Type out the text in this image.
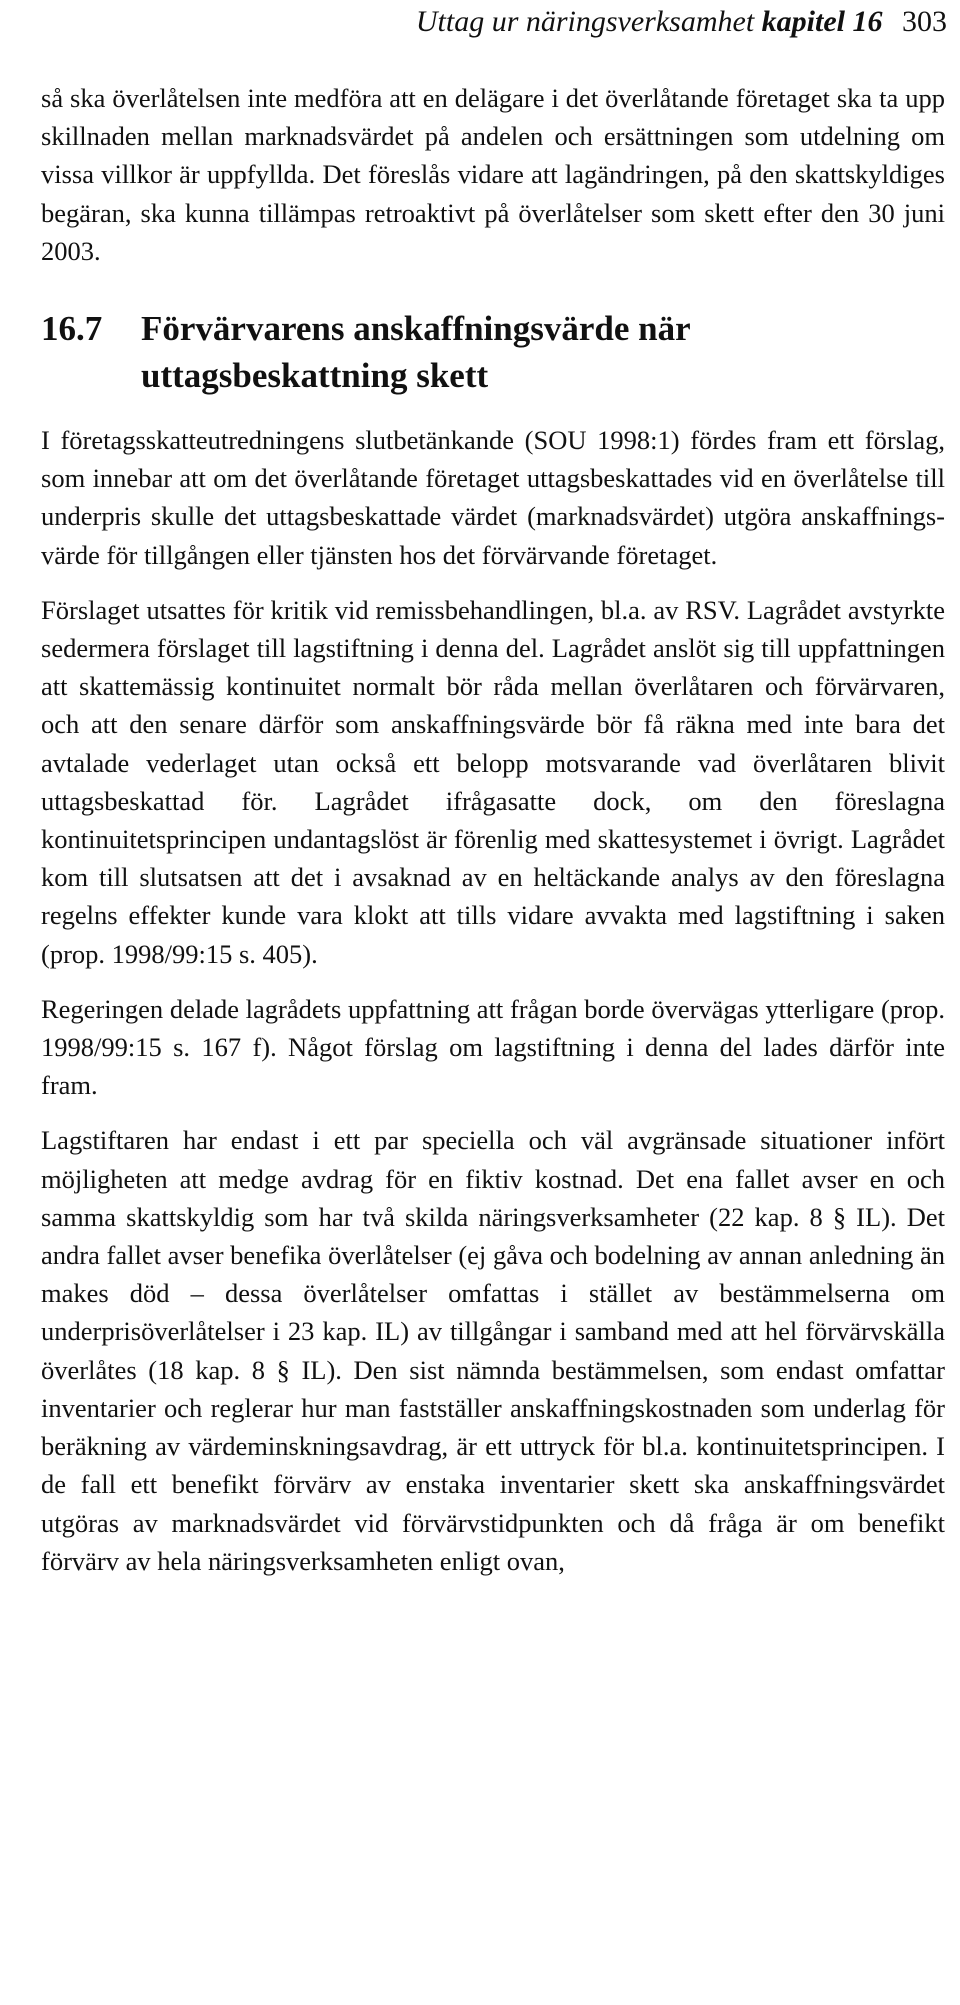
Uttag ur näringsverksamhet kapitel 16 303

så ska överlåtelsen inte medföra att en delägare i det överlåtande företaget ska ta upp skillnaden mellan marknadsvärdet på andelen och ersättningen som utdelning om vissa villkor är uppfyllda. Det föreslås vidare att lagändringen, på den skattskyldiges begäran, ska kunna tillämpas retroaktivt på överlåtelser som skett efter den 30 juni 2003.

16.7	Förvärvarens anskaffningsvärde när uttagsbeskattning skett

I företagsskatteutredningens slutbetänkande (SOU 1998:1) fördes fram ett förslag, som innebar att om det överlåtande företaget uttagsbeskattades vid en överlåtelse till underpris skulle det uttagsbeskattade värdet (marknadsvärdet) utgöra anskaffningsvärde för tillgången eller tjänsten hos det förvärvande företaget.

Förslaget utsattes för kritik vid remissbehandlingen, bl.a. av RSV. Lagrådet avstyrkte sedermera förslaget till lagstiftning i denna del. Lagrådet anslöt sig till uppfattningen att skattemässig kontinuitet normalt bör råda mellan överlåtaren och förvärvaren, och att den senare därför som anskaffningsvärde bör få räkna med inte bara det avtalade vederlaget utan också ett belopp motsvarande vad överlåtaren blivit uttagsbeskattad för. Lagrådet ifrågasatte dock, om den föreslagna kontinuitetsprincipen undantagslöst är förenlig med skattesystemet i övrigt. Lagrådet kom till slutsatsen att det i avsaknad av en heltäckande analys av den föreslagna regelns effekter kunde vara klokt att tills vidare avvakta med lagstiftning i saken (prop. 1998/99:15 s. 405).

Regeringen delade lagrådets uppfattning att frågan borde övervägas ytterligare (prop. 1998/99:15 s. 167 f). Något förslag om lagstiftning i denna del lades därför inte fram.

Lagstiftaren har endast i ett par speciella och väl avgränsade situationer infört möjligheten att medge avdrag för en fiktiv kostnad. Det ena fallet avser en och samma skattskyldig som har två skilda näringsverksamheter (22 kap. 8 § IL). Det andra fallet avser benefika överlåtelser (ej gåva och bodelning av annan anledning än makes död – dessa överlåtelser omfattas i stället av bestämmelserna om underprisöverlåtelser i 23 kap. IL) av tillgångar i samband med att hel förvärvskälla överlåtes (18 kap. 8 § IL). Den sist nämnda bestämmelsen, som endast omfattar inventarier och reglerar hur man fastställer anskaffningskostnaden som underlag för beräkning av värdeminskningsavdrag, är ett uttryck för bl.a. kontinuitetsprincipen. I de fall ett benefikt förvärv av enstaka inventarier skett ska anskaffningsvärdet utgöras av marknadsvärdet vid förvärvstidpunkten och då fråga är om benefikt förvärv av hela näringsverksamheten enligt ovan,
